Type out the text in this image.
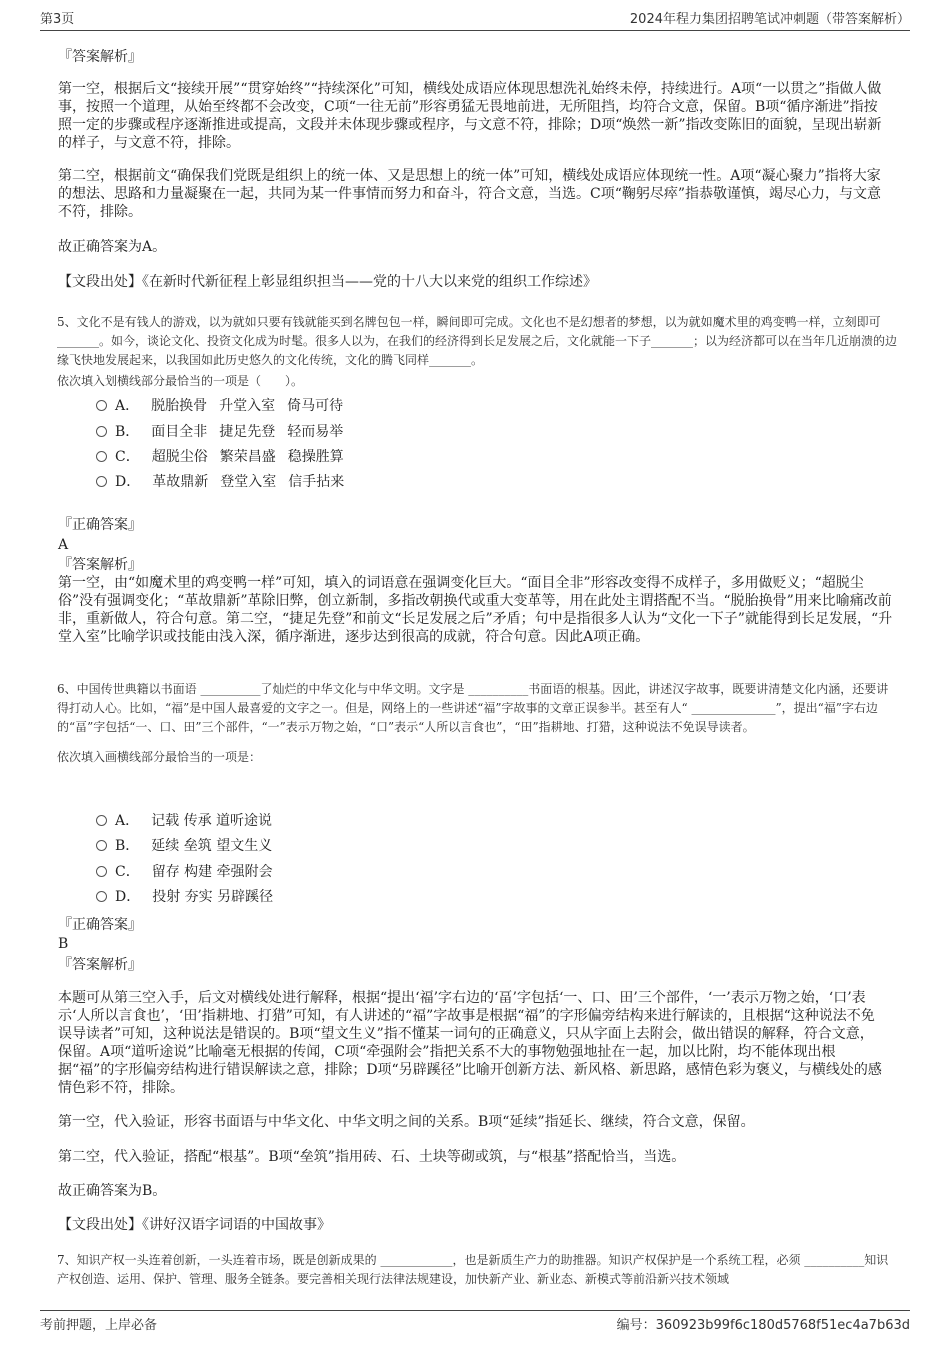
第3页	2024年程力集团招聘笔试冲刺题（带答案解析）
『答案解析』
第一空，根据后文“接续开展”“贯穿始终”“持续深化”可知，横线处成语应体现思想洗礼始终未停，持续进行。A项“一以贯之”指做人做事，按照一个道理，从始至终都不会改变，C项“一往无前”形容勇猛无畏地前进，无所阻挡，均符合文意，保留。B项“循序渐进”指按照一定的步骤或程序逐渐推进或提高，文段并未体现步骤或程序，与文意不符，排除；D项“焕然一新”指改变陈旧的面貌，呈现出崭新的样子，与文意不符，排除。
第二空，根据前文“确保我们党既是组织上的统一体、又是思想上的统一体”可知，横线处成语应体现统一性。A项“凝心聚力”指将大家的想法、思路和力量凝聚在一起，共同为某一件事情而努力和奋斗，符合文意，当选。C项“鞠躬尽瘁”指恭敬谨慎，竭尽心力，与文意不符，排除。
故正确答案为A。
【文段出处】《在新时代新征程上彰显组织担当——党的十八大以来党的组织工作综述》
5、文化不是有钱人的游戏，以为就如只要有钱就能买到名牌包包一样，瞬间即可完成。文化也不是幻想者的梦想，以为就如魔术里的鸡变鸭一样，立刻即可_______。如今，谈论文化、投资文化成为时髦。很多人以为，在我们的经济得到长足发展之后，文化就能一下子_______；以为经济都可以在当年几近崩溃的边缘飞快地发展起来，以我国如此历史悠久的文化传统，文化的腾飞同样_______。
依次填入划横线部分最恰当的一项是（　　）。
A． 脱胎换骨 升堂入室 倚马可待
B． 面目全非 捷足先登 轻而易举
C． 超脱尘俗 繁荣昌盛 稳操胜算
D． 革故鼎新 登堂入室 信手拈来
『正确答案』
A
『答案解析』
第一空，由“如魔术里的鸡变鸭一样”可知，填入的词语意在强调变化巨大。“面目全非”形容改变得不成样子，多用做贬义；“超脱尘俗”没有强调变化；“革故鼎新”革除旧弊，创立新制，多指改朝换代或重大变革等，用在此处主谓搭配不当。“脱胎换骨”用来比喻痛改前非，重新做人，符合句意。第二空，“捷足先登”和前文“长足发展之后”矛盾；句中是指很多人认为“文化一下子”就能得到长足发展，“升堂入室”比喻学识或技能由浅入深，循序渐进，逐步达到很高的成就，符合句意。因此A项正确。
6、中国传世典籍以书面语 __________了灿烂的中华文化与中华文明。文字是 __________书面语的根基。因此，讲述汉字故事，既要讲清楚文化内涵，还要讲得打动人心。比如，“福”是中国人最喜爱的文字之一。但是，网络上的一些讲述“福”字故事的文章正误参半。甚至有人“ ______________”，提出“福”字右边的“畐”字包括“一、口、田”三个部件，“一”表示万物之始，“口”表示“人所以言食也”，“田”指耕地、打猎，这种说法不免误导读者。
依次填入画横线部分最恰当的一项是：
A． 记载 传承 道听途说
B． 延续 垒筑 望文生义
C． 留存 构建 牵强附会
D． 投射 夯实 另辟蹊径
『正确答案』
B
『答案解析』
本题可从第三空入手，后文对横线处进行解释，根据“提出‘福’字右边的‘畐’字包括‘一、口、田’三个部件，‘一’表示万物之始，‘口’表示‘人所以言食也’，‘田’指耕地、打猎”可知，有人讲述的“福”字故事是根据“福”的字形偏旁结构来进行解读的，且根据“这种说法不免误导读者”可知，这种说法是错误的。B项“望文生义”指不懂某一词句的正确意义，只从字面上去附会，做出错误的解释，符合文意，保留。A项“道听途说”比喻毫无根据的传闻，C项“牵强附会”指把关系不大的事物勉强地扯在一起，加以比附，均不能体现出根据“福”的字形偏旁结构进行错误解读之意，排除；D项“另辟蹊径”比喻开创新方法、新风格、新思路，感情色彩为褒义，与横线处的感情色彩不符，排除。
第一空，代入验证，形容书面语与中华文化、中华文明之间的关系。B项“延续”指延长、继续，符合文意，保留。
第二空，代入验证，搭配“根基”。B项“垒筑”指用砖、石、土块等砌或筑，与“根基”搭配恰当，当选。
故正确答案为B。
【文段出处】《讲好汉语字词语的中国故事》
7、知识产权一头连着创新，一头连着市场，既是创新成果的 ____________，也是新质生产力的助推器。知识产权保护是一个系统工程，必须 __________知识产权创造、运用、保护、管理、服务全链条。要完善相关现行法律法规建设，加快新产业、新业态、新模式等前沿新兴技术领域
考前押题，上岸必备	编号：360923b99f6c180d5768f51ec4a7b63d
